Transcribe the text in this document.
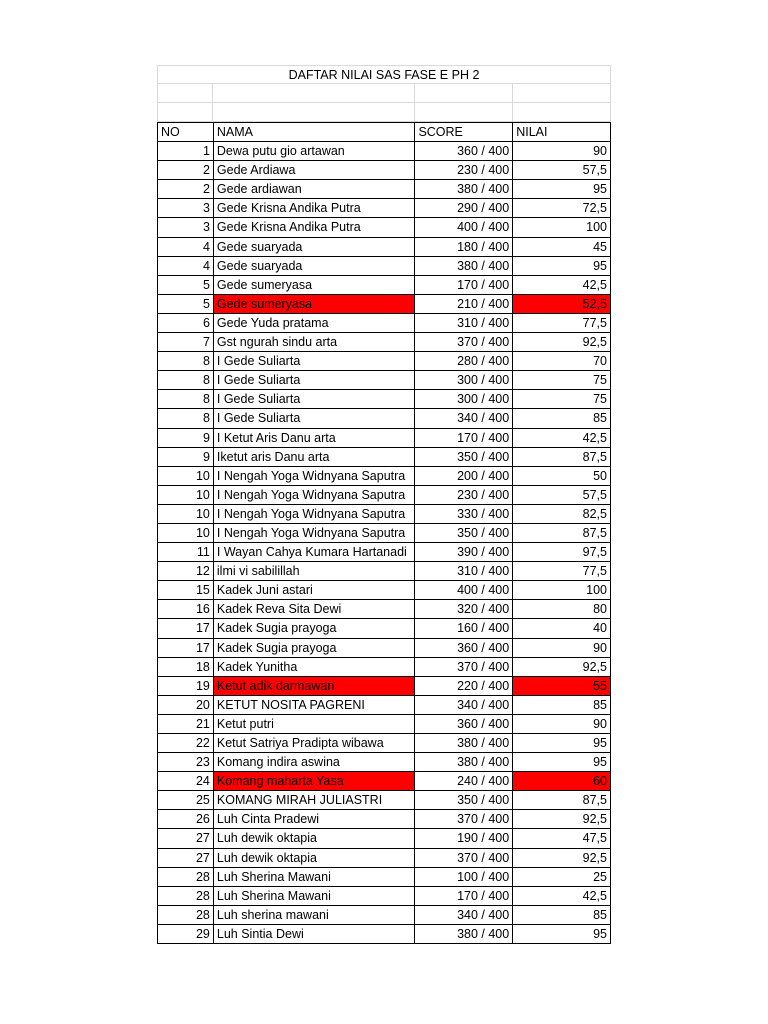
DAFTAR NILAI SAS FASE E PH 2
NO	NAMA	SCORE	NILAI
1 Dewa putu gio artawan	360 / 400	90
2 Gede Ardiawa	230 / 400	57,5
2 Gede ardiawan	380 / 400	95
3 Gede Krisna Andika Putra	290 / 400	72,5
3 Gede Krisna Andika Putra	400 / 400	100
4 Gede suaryada	180 / 400	45
4 Gede suaryada	380 / 400	95
5 Gede sumeryasa	170 / 400	42,5
5 Gede sumeryasa	210 / 400	52,5
6 Gede Yuda pratama	310 / 400	77,5
7 Gst ngurah sindu arta	370 / 400	92,5
8 I Gede Suliarta	280 / 400	70
8 I Gede Suliarta	300 / 400	75
8 I Gede Suliarta	300 / 400	75
8 I Gede Suliarta	340 / 400	85
9 I Ketut Aris Danu arta	170 / 400	42,5
9 Iketut aris Danu arta	350 / 400	87,5
10 I Nengah Yoga Widnyana Saputra	200 / 400	50
10 I Nengah Yoga Widnyana Saputra	230 / 400	57,5
10 I Nengah Yoga Widnyana Saputra	330 / 400	82,5
10 I Nengah Yoga Widnyana Saputra	350 / 400	87,5
11 I Wayan Cahya Kumara Hartanadi	390 / 400	97,5
12 ilmi vi sabilillah	310 / 400	77,5
15 Kadek Juni astari	400 / 400	100
16 Kadek Reva Sita Dewi	320 / 400	80
17 Kadek Sugia prayoga	160 / 400	40
17 Kadek Sugia prayoga	360 / 400	90
18 Kadek Yunitha	370 / 400	92,5
19 Ketut adik darmawan	220 / 400	55
20 KETUT NOSITA PAGRENI	340 / 400	85
21 Ketut putri	360 / 400	90
22 Ketut Satriya Pradipta wibawa	380 / 400	95
23 Komang indira aswina	380 / 400	95
24 Komang maharta Yasa	240 / 400	60
25 KOMANG MIRAH JULIASTRI	350 / 400	87,5
26 Luh Cinta Pradewi	370 / 400	92,5
27 Luh dewik oktapia	190 / 400	47,5
27 Luh dewik oktapia	370 / 400	92,5
28 Luh Sherina Mawani	100 / 400	25
28 Luh Sherina Mawani	170 / 400	42,5
28 Luh sherina mawani	340 / 400	85
29 Luh Sintia Dewi	380 / 400	95
